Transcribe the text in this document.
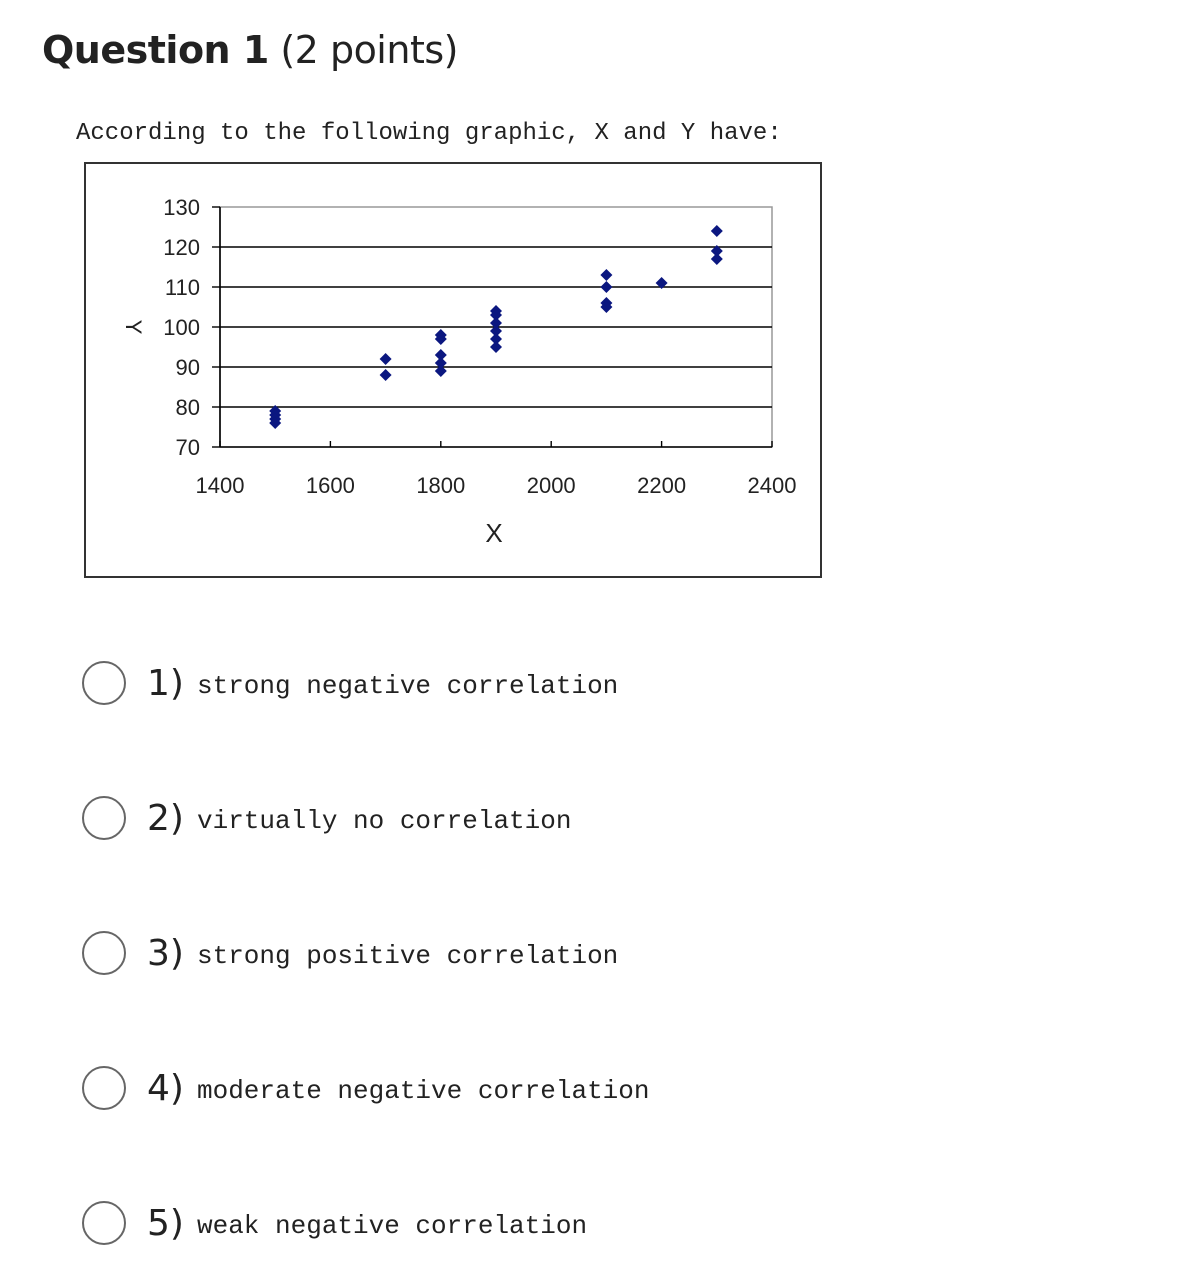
Question 1 (2 points)
According to the following graphic, X and Y have:
70
80
90
100
110
120
130
1400	1600	1800	2000	2200	2400
X
Y
1) strong negative correlation
2) virtually no correlation
3) strong positive correlation
4) moderate negative correlation
5) weak negative correlation
